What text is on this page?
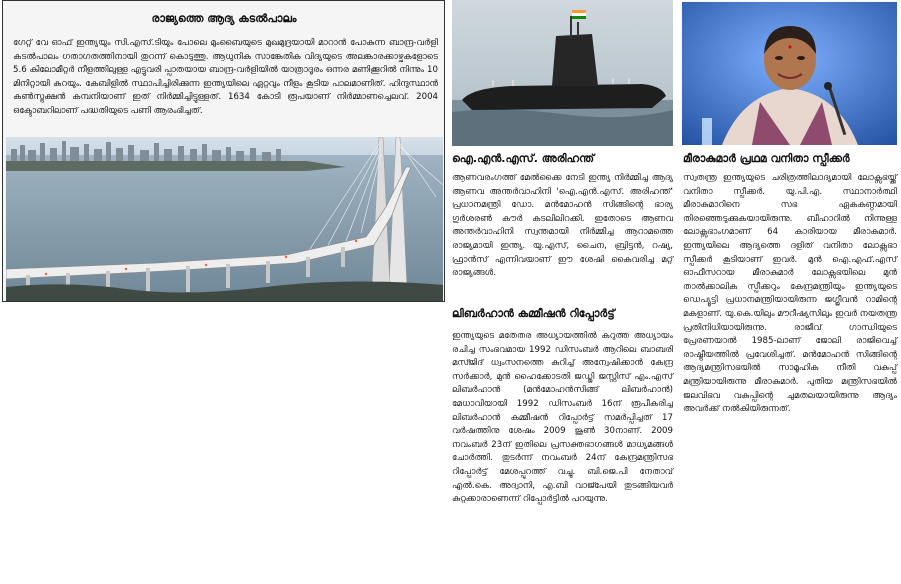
രാജ്യത്തെ ആദ്യ കടൽപാലം
ഗേറ്റ് വേ ഓഫ് ഇന്ത്യയും സി.എസ്.ടിയും പോലെ മുംബൈയുടെ മുഖമുദ്രയായി മാറാൻ പോകുന്ന ബാന്ദ്ര-വർളി കടൽപാലം ഗതാഗതത്തിനായി തുറന്ന് കൊടുത്തു. ആധുനിക സാങ്കേതിക വിദ്യയുടെ അലങ്കാരക്കാഴ്ചകളോടെ 5.6 കിലോമീറ്റർ നീളത്തിലുള്ള എട്ടുവരി പ്പാതയായ ബാന്ദ്ര-വർളിയിൽ യാത്രാദൂരം ഒന്നര മണിക്കൂറിൽ നിന്നും 10 മിനിറ്റായി കുറയും. കേബിളിൽ സ്ഥാപിച്ചിരിക്കുന്ന ഇന്ത്യയിലെ ഏറ്റവും നീളം കൂടിയ പാലമാണിത്. ഹിന്ദുസ്ഥാൻ കൺസ്ട്രക്ഷൻ കമ്പനിയാണ് ഇത് നിർമ്മിച്ചിട്ടുള്ളത്. 1634 കോടി രൂപയാണ് നിർമ്മാണച്ചെലവ്. 2004 ഒക്ടോബറിലാണ് പദ്ധതിയുടെ പണി ആരംഭിച്ചത്.
ഐ.എൻ.എസ്. അരിഹന്ത്
ആണവരംഗത്ത് മേൽക്കൈ നേടി ഇന്ത്യ നിർമ്മിച്ച ആദ്യ ആണവ അന്തർവാഹിനി 'ഐ.എൻ.എസ്. അരിഹന്ത്' പ്രധാനമന്ത്രി ഡോ. മൻമോഹൻ സിങ്ങിന്റെ ഭാര്യ ഗുർശരൺ കൗർ കടലിലിറക്കി. ഇതോടെ ആണവ അന്തർവാഹിനി സ്വന്തമായി നിർമ്മിച്ച ആറാമത്തെ രാജ്യമായി ഇന്ത്യ. യു.എസ്, ചൈന, ബ്രിട്ടൻ, റഷ്യ, ഫ്രാൻസ് എന്നിവയാണ് ഈ ശേഷി കൈവരിച്ച മറ്റ് രാജ്യങ്ങൾ.
ലിബർഹാൻ കമ്മീഷൻ റിപ്പോർട്ട്
ഇന്ത്യയുടെ മതേതര അധ്യായത്തിൽ കറുത്ത അധ്യായം രചിച്ച സംഭവമായ 1992 ഡിസംബർ ആറിലെ ബാബരി മസ്ജിദ് ധ്വംസനത്തെ കുറിച്ച് അന്വേഷിക്കാൻ കേന്ദ്ര സർക്കാർ, മുൻ ഹൈക്കോടതി ജഡ്ജി ജസ്റ്റിസ് എം.എസ് ലിബർഹാൻ (മൻമോഹൻസിങ്ങ് ലിബർഹാൻ) മേധാവിയായി 1992 ഡിസംബർ 16ന് രൂപീകരിച്ച ലിബർഹാൻ കമ്മീഷൻ റിപ്പോർട്ട് സമർപ്പിച്ചത് 17 വർഷത്തിനു ശേഷം 2009 ജൂൺ 30നാണ്. 2009 നവംബർ 23ന് ഇതിലെ പ്രസക്തഭാഗങ്ങൾ മാധ്യമങ്ങൾ ചോർത്തി. തുടർന്ന് നവംബർ 24ന് കേന്ദ്രമന്ത്രിസഭ റിപ്പോർട്ട് മേശപ്പുറത്ത് വച്ചു. ബി.ജെ.പി നേതാവ് എൽ.കെ. അദ്വാനി, എ.ബി വാജ്പേയി തുടങ്ങിയവർ കുറ്റക്കാരാണെന്ന് റിപ്പോർട്ടിൽ പറയുന്നു.
മീരാകുമാർ പ്രഥമ വനിതാ സ്പീക്കർ
സ്വതന്ത്ര ഇന്ത്യയുടെ ചരിത്രത്തിലാദ്യമായി ലോക്സഭയ്ക്ക് വനിതാ സ്പീക്കർ. യു.പി.എ. സ്ഥാനാർത്ഥി മീരാകുമാറിനെ സഭ ഏകകണ്ഠമായി തിരഞ്ഞെടുക്കുകയായിരുന്നു. ബീഹാറിൽ നിന്നുള്ള ലോക്സഭാംഗമാണ് 64 കാരിയായ മീരാകുമാർ. ഇന്ത്യയിലെ ആദ്യത്തെ ദളിത് വനിതാ ലോക്സഭാ സ്പീക്കർ കൂടിയാണ് ഇവർ. മുൻ ഐ.എഫ്.എസ് ഓഫീസറായ മീരാകുമാർ ലോക്സഭയിലെ മുൻ താൽക്കാലിക സ്പീക്കറും കേന്ദ്രമന്ത്രിയും ഇന്ത്യയുടെ ഡെപ്യൂട്ടി പ്രധാനമന്ത്രിയായിരുന്ന ജഗ്ജീവൻ റാമിന്റെ മകളാണ്. യു.കെ.യിലും മൗറീഷ്യസിലും ഇവർ നയതന്ത്ര പ്രതിനിധിയായിരുന്നു. രാജീവ് ഗാന്ധിയുടെ പ്രേരണയാൽ 1985-ലാണ് ജോലി രാജിവെച്ച് രാഷ്ട്രീയത്തിൽ പ്രവേശിച്ചത്. മൻമോഹൻ സിങ്ങിന്റെ ആദ്യമന്ത്രിസഭയിൽ സാമൂഹിക നീതി വകുപ്പ് മന്ത്രിയായിരുന്നു മീരാകുമാർ. പുതിയ മന്ത്രിസഭയിൽ ജലവിഭവ വകുപ്പിന്റെ ചുമതലയായിരുന്നു ആദ്യം അവർക്ക് നൽകിയിരുന്നത്.
